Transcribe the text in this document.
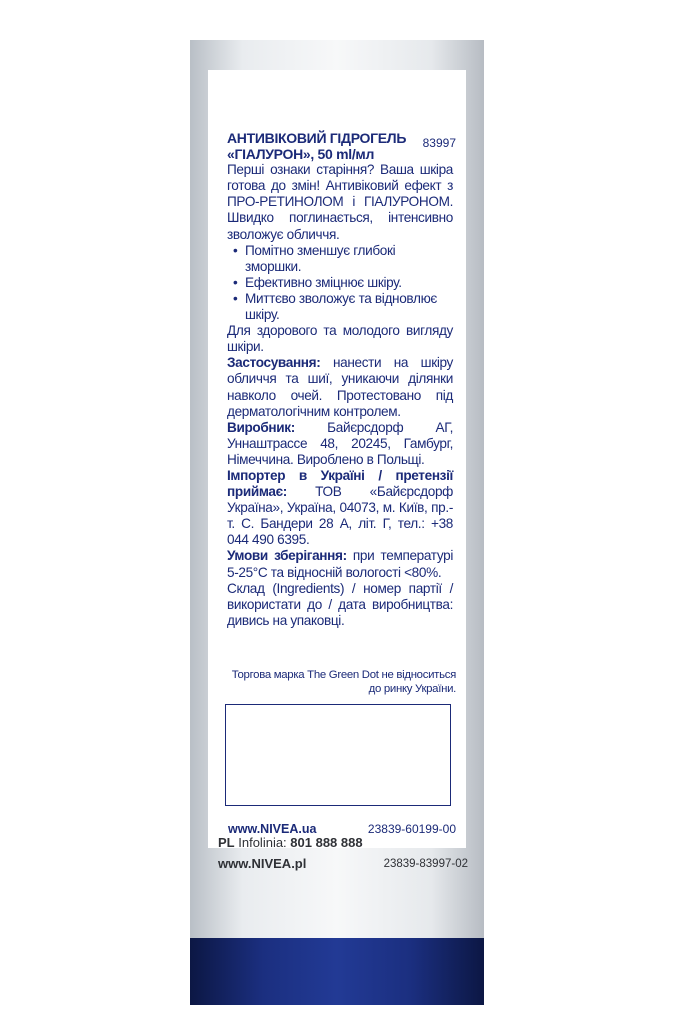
83997
АНТИВІКОВИЙ ГІДРОГЕЛЬ
«ГІАЛУРОН», 50 ml/мл

Перші ознаки старіння? Ваша шкіра готова до змін! Антивіковий ефект з ПРО-РЕТИНОЛОМ і ГІАЛУРОНОМ. Швидко поглинається, інтенсивно зволожує обличчя.

• Помітно зменшує глибокі зморшки.
• Ефективно зміцнює шкіру.
• Миттєво зволожує та відновлює шкіру.

Для здорового та молодого вигляду шкіри.

Застосування: нанести на шкіру обличчя та шиї, уникаючи ділянки навколо очей. Протестовано під дерматологічним контролем.

Виробник: Байєрсдорф АГ, Уннаштрассе 48, 20245, Гамбург, Німеччина. Вироблено в Польщі.

Імпортер в Україні / претензії приймає: ТОВ «Байєрсдорф Україна», Україна, 04073, м. Київ, пр.-т. С. Бандери 28 А, літ. Г, тел.: +38 044 490 6395.

Умови зберігання: при температурі 5-25°С та відносній вологості <80%.

Склад (Ingredients) / номер партії / використати до / дата виробництва: дивись на упаковці.

Торгова марка The Green Dot не відноситься до ринку України.
www.NIVEA.ua	23839-60199-00
PL Infolinia: 801 888 888
www.NIVEA.pl	23839-83997-02
